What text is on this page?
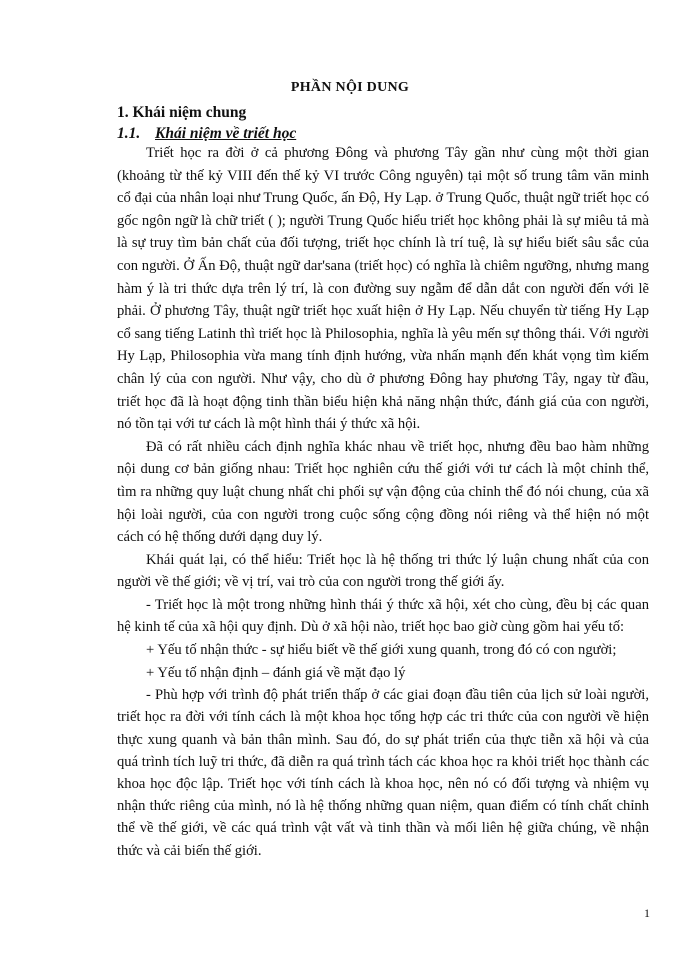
PHẦN NỘI DUNG
1. Khái niệm chung
1.1. Khái niệm về triết học

Triết học ra đời ở cả phương Đông và phương Tây gần như cùng một thời gian (khoảng từ thế kỷ VIII đến thế kỷ VI trước Công nguyên) tại một số trung tâm văn minh cổ đại của nhân loại như Trung Quốc, ấn Độ, Hy Lạp. ở Trung Quốc, thuật ngữ triết học có gốc ngôn ngữ là chữ triết ( ); người Trung Quốc hiểu triết học không phải là sự miêu tả mà là sự truy tìm bản chất của đối tượng, triết học chính là trí tuệ, là sự hiểu biết sâu sắc của con người. Ở Ấn Độ, thuật ngữ dar'sana (triết học) có nghĩa là chiêm ngưỡng, nhưng mang hàm ý là tri thức dựa trên lý trí, là con đường suy ngẫm để dẫn dắt con người đến với lẽ phải. Ở phương Tây, thuật ngữ triết học xuất hiện ở Hy Lạp. Nếu chuyển từ tiếng Hy Lạp cổ sang tiếng Latinh thì triết học là Philosophia, nghĩa là yêu mến sự thông thái. Với người Hy Lạp, Philosophia vừa mang tính định hướng, vừa nhấn mạnh đến khát vọng tìm kiếm chân lý của con người. Như vậy, cho dù ở phương Đông hay phương Tây, ngay từ đầu, triết học đã là hoạt động tinh thần biểu hiện khả năng nhận thức, đánh giá của con người, nó tồn tại với tư cách là một hình thái ý thức xã hội.

Đã có rất nhiều cách định nghĩa khác nhau về triết học, nhưng đều bao hàm những nội dung cơ bản giống nhau: Triết học nghiên cứu thế giới với tư cách là một chỉnh thể, tìm ra những quy luật chung nhất chi phối sự vận động của chỉnh thể đó nói chung, của xã hội loài người, của con người trong cuộc sống cộng đồng nói riêng và thể hiện nó một cách có hệ thống dưới dạng duy lý.

Khái quát lại, có thể hiểu: Triết học là hệ thống tri thức lý luận chung nhất của con người về thế giới; về vị trí, vai trò của con người trong thế giới ấy.

- Triết học là một trong những hình thái ý thức xã hội, xét cho cùng, đều bị các quan hệ kinh tế của xã hội quy định. Dù ở xã hội nào, triết học bao giờ cùng gồm hai yếu tố:

+ Yếu tố nhận thức - sự hiểu biết về thế giới xung quanh, trong đó có con người;

+ Yếu tố nhận định – đánh giá về mặt đạo lý

- Phù hợp với trình độ phát triển thấp ở các giai đoạn đầu tiên của lịch sử loài người, triết học ra đời với tính cách là một khoa học tổng hợp các tri thức của con người về hiện thực xung quanh và bản thân mình. Sau đó, do sự phát triển của thực tiễn xã hội và của quá trình tích luỹ tri thức, đã diễn ra quá trình tách các khoa học ra khỏi triết học thành các khoa học độc lập. Triết học với tính cách là khoa học, nên nó có đối tượng và nhiệm vụ nhận thức riêng của mình, nó là hệ thống những quan niệm, quan điểm có tính chất chỉnh thể về thế giới, về các quá trình vật vất và tinh thần và mối liên hệ giữa chúng, về nhận thức và cải biến thế giới.

1
